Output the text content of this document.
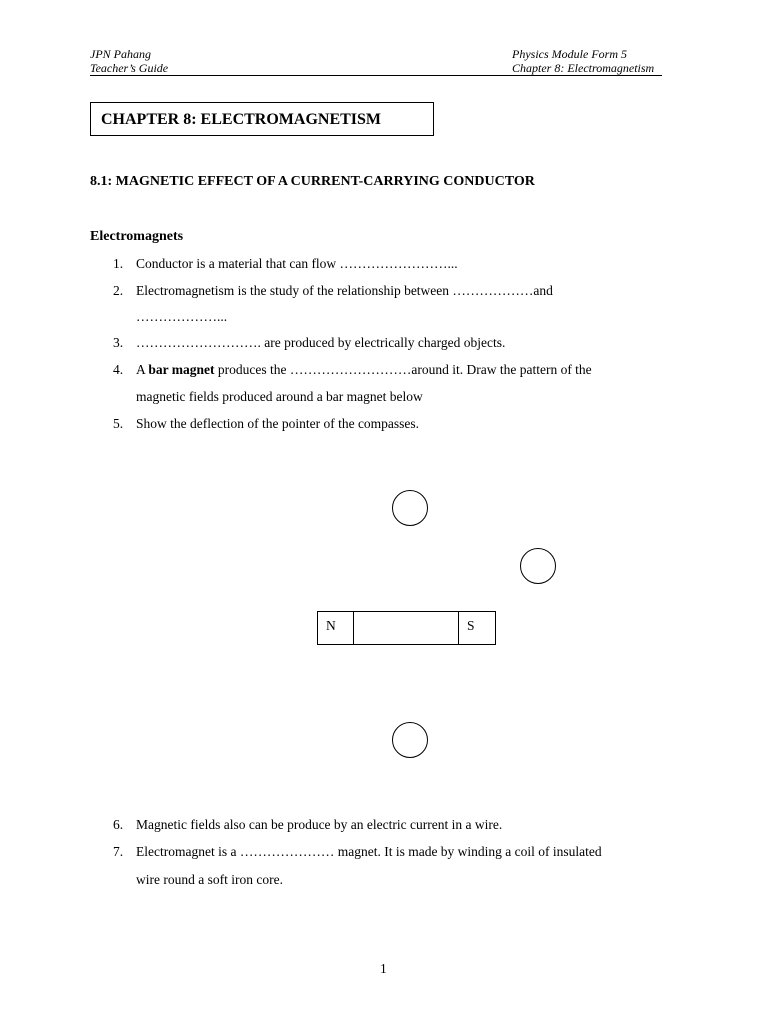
JPN Pahang
Teacher’s Guide
Physics Module Form 5
Chapter 8: Electromagnetism
CHAPTER 8: ELECTROMAGNETISM
8.1: MAGNETIC EFFECT OF A CURRENT-CARRYING CONDUCTOR
Electromagnets
1. Conductor is a material that can flow ……………………...
2. Electromagnetism is the study of the relationship between ………………and
………………...
3. ………………………. are produced by electrically charged objects.
4. A bar magnet produces the ………………………around it. Draw the pattern of the
magnetic fields produced around a bar magnet below
5. Show the deflection of the pointer of the compasses.
N	S
6. Magnetic fields also can be produce by an electric current in a wire.
7. Electromagnet is a ………………… magnet. It is made by winding a coil of insulated
wire round a soft iron core.
1
